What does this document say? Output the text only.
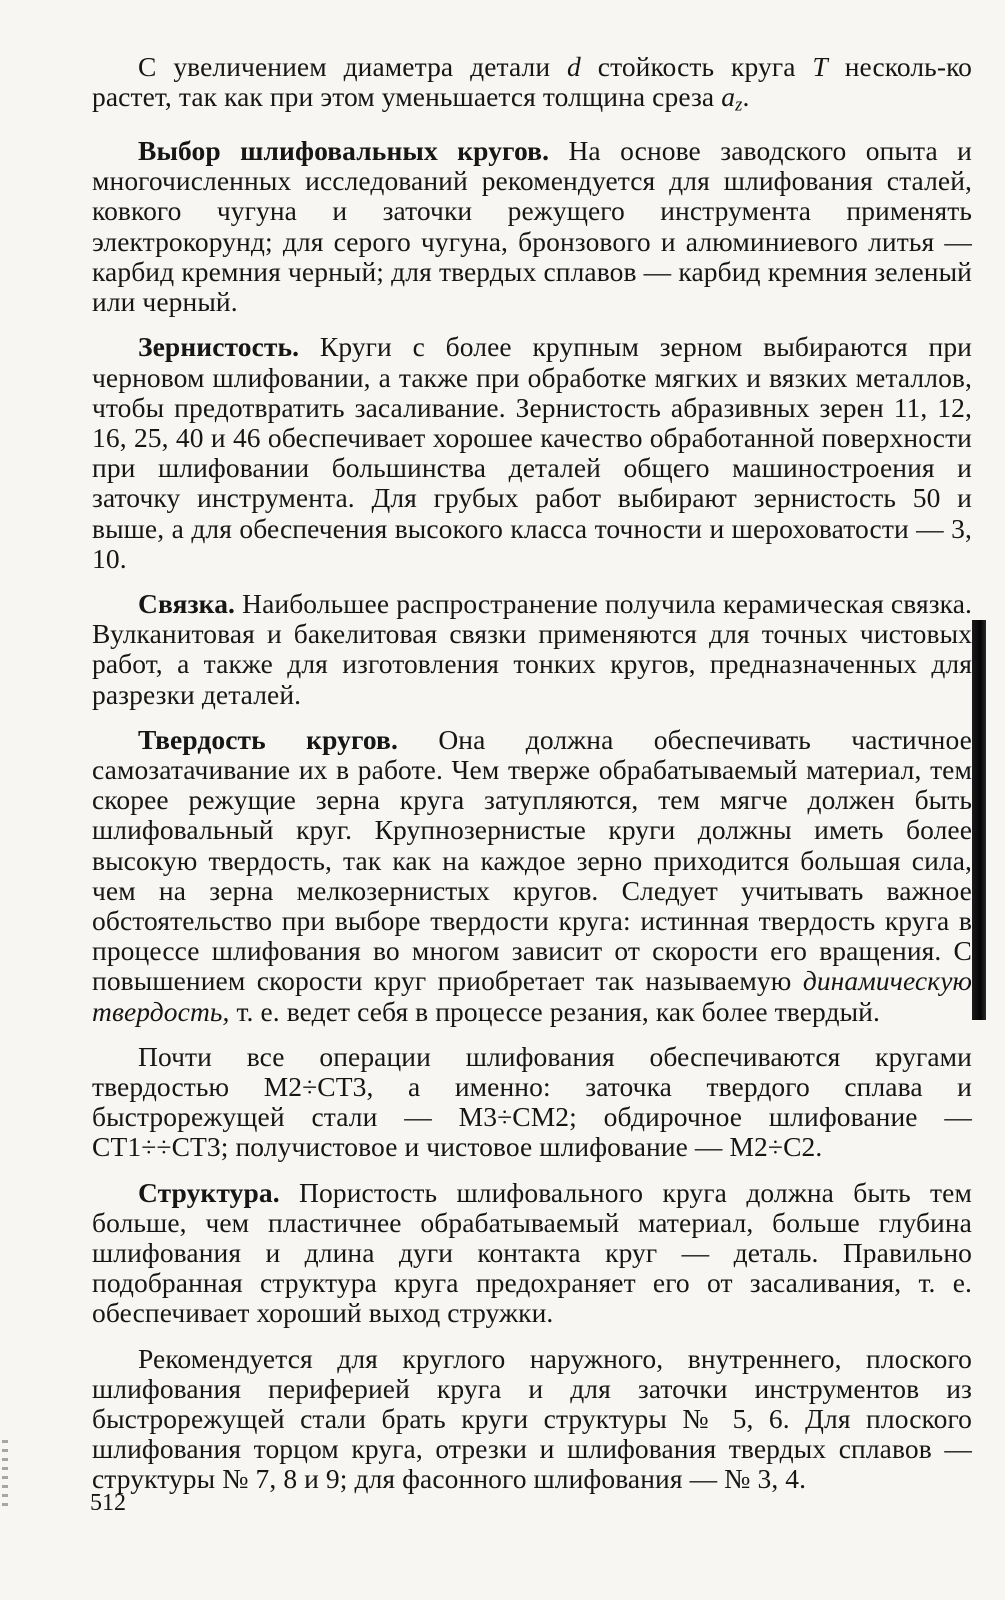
С увеличением диаметра детали d стойкость круга T несколь-ко растет, так как при этом уменьшается толщина среза $a_z$.

Выбор шлифовальных кругов. На основе заводского опыта и многочисленных исследований рекомендуется для шлифования сталей, ковкого чугуна и заточки режущего инструмента применять электрокорунд; для серого чугуна, бронзового и алюминиевого литья — карбид кремния черный; для твердых сплавов — карбид кремния зеленый или черный.

Зернистость. Круги с более крупным зерном выбираются при черновом шлифовании, а также при обработке мягких и вязких металлов, чтобы предотвратить засаливание. Зернистость абразивных зерен 11, 12, 16, 25, 40 и 46 обеспечивает хорошее качество обработанной поверхности при шлифовании большинства деталей общего машиностроения и заточку инструмента. Для грубых работ выбирают зернистость 50 и выше, а для обеспечения высокого класса точности и шероховатости — 3, 10.

Связка. Наибольшее распространение получила керамическая связка. Вулканитовая и бакелитовая связки применяются для точных чистовых работ, а также для изготовления тонких кругов, предназначенных для разрезки деталей.

Твердость кругов. Она должна обеспечивать частичное самозатачивание их в работе. Чем тверже обрабатываемый материал, тем скорее режущие зерна круга затупляются, тем мягче должен быть шлифовальный круг. Крупнозернистые круги должны иметь более высокую твердость, так как на каждое зерно приходится большая сила, чем на зерна мелкозернистых кругов. Следует учитывать важное обстоятельство при выборе твердости круга: истинная твердость круга в процессе шлифования во многом зависит от скорости его вращения. С повышением скорости круг приобретает так называемую динамическую твердость, т. е. ведет себя в процессе резания, как более твердый.

Почти все операции шлифования обеспечиваются кругами твердостью М2÷СТ3, а именно: заточка твердого сплава и быстрорежущей стали — М3÷СМ2; обдирочное шлифование — СТ1÷÷СТ3; получистовое и чистовое шлифование — М2÷С2.

Структура. Пористость шлифовального круга должна быть тем больше, чем пластичнее обрабатываемый материал, больше глубина шлифования и длина дуги контакта круг — деталь. Правильно подобранная структура круга предохраняет его от засаливания, т. е. обеспечивает хороший выход стружки.

Рекомендуется для круглого наружного, внутреннего, плоского шлифования периферией круга и для заточки инструментов из быстрорежущей стали брать круги структуры № 5, 6. Для плоского шлифования торцом круга, отрезки и шлифования твердых сплавов — структуры № 7, 8 и 9; для фасонного шлифования — № 3, 4.

512
